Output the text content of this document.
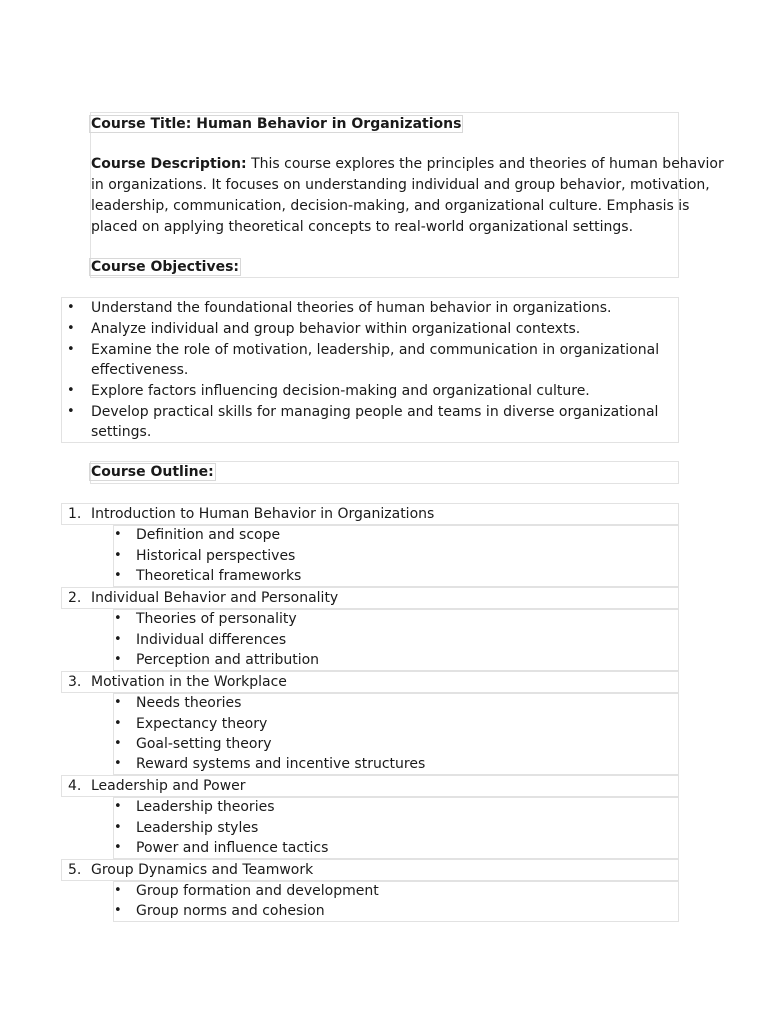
Course Title: Human Behavior in Organizations
Course Description: This course explores the principles and theories of human behavior
in organizations. It focuses on understanding individual and group behavior, motivation,
leadership, communication, decision-making, and organizational culture. Emphasis is
placed on applying theoretical concepts to real-world organizational settings.
Course Objectives:
• Understand the foundational theories of human behavior in organizations.
• Analyze individual and group behavior within organizational contexts.
• Examine the role of motivation, leadership, and communication in organizational
effectiveness.
• Explore factors influencing decision-making and organizational culture.
• Develop practical skills for managing people and teams in diverse organizational
settings.
Course Outline:
1. Introduction to Human Behavior in Organizations
• Definition and scope
• Historical perspectives
• Theoretical frameworks
2. Individual Behavior and Personality
• Theories of personality
• Individual differences
• Perception and attribution
3. Motivation in the Workplace
• Needs theories
• Expectancy theory
• Goal-setting theory
• Reward systems and incentive structures
4. Leadership and Power
• Leadership theories
• Leadership styles
• Power and influence tactics
5. Group Dynamics and Teamwork
• Group formation and development
• Group norms and cohesion
